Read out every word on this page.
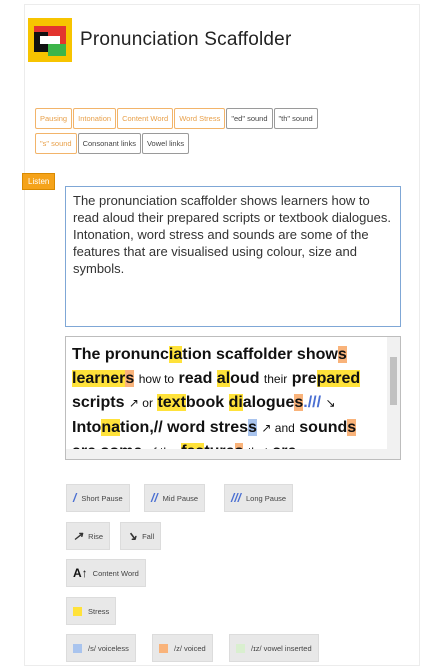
Pronunciation Scaffolder
Pausing Intonation Content Word Word Stress "ed" sound "th" sound
"s" sound Consonant links Vowel links
Listen
The pronunciation scaffolder shows learners how to read aloud their prepared scripts or textbook dialogues. Intonation, word stress and sounds are some of the features that are visualised using colour, size and symbols.
The pronunciation scaffolder shows
learners how to read aloud their prepared
scripts ↗ or textbook dialogues./// ↘
Intonation,// word stress ↗ and sounds

/ Short Pause // Mid Pause	/// Long Pause
↗ Rise ↘ Fall
A↑ Content Word
Stress
/s/ voiceless	/z/ voiced	/ɪz/ vowel inserted
